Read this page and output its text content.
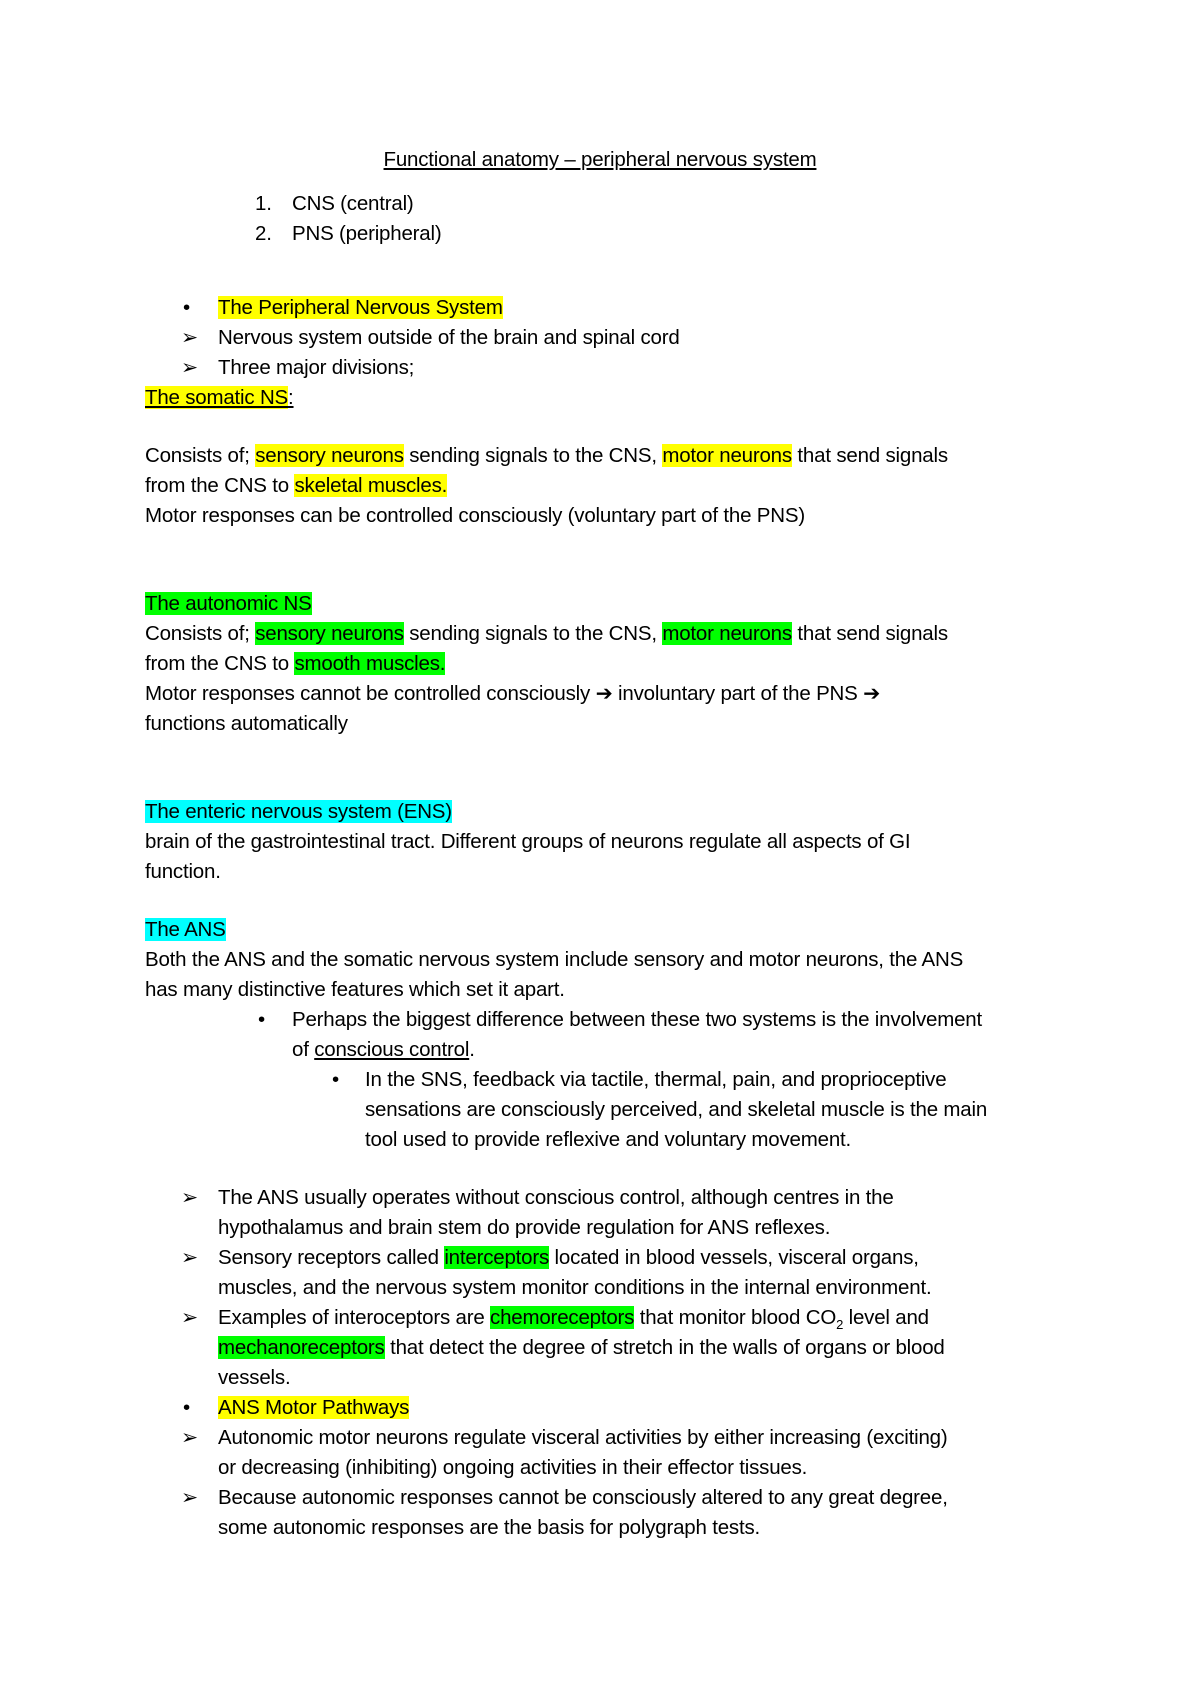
Functional anatomy – peripheral nervous system
1. CNS (central)
2. PNS (peripheral)
• The Peripheral Nervous System
➢ Nervous system outside of the brain and spinal cord
➢ Three major divisions;
The somatic NS:
Consists of; sensory neurons sending signals to the CNS, motor neurons that send signals
from the CNS to skeletal muscles.
Motor responses can be controlled consciously (voluntary part of the PNS)
The autonomic NS
Consists of; sensory neurons sending signals to the CNS, motor neurons that send signals
from the CNS to smooth muscles.
Motor responses cannot be controlled consciously ➔ involuntary part of the PNS ➔
functions automatically
The enteric nervous system (ENS)
brain of the gastrointestinal tract. Different groups of neurons regulate all aspects of GI
function.
The ANS
Both the ANS and the somatic nervous system include sensory and motor neurons, the ANS
has many distinctive features which set it apart.
• Perhaps the biggest difference between these two systems is the involvement
of conscious control.
• In the SNS, feedback via tactile, thermal, pain, and proprioceptive
sensations are consciously perceived, and skeletal muscle is the main
tool used to provide reflexive and voluntary movement.
➢ The ANS usually operates without conscious control, although centres in the
hypothalamus and brain stem do provide regulation for ANS reflexes.
➢ Sensory receptors called interceptors located in blood vessels, visceral organs,
muscles, and the nervous system monitor conditions in the internal environment.
➢ Examples of interoceptors are chemoreceptors that monitor blood $CO_2$ level and
mechanoreceptors that detect the degree of stretch in the walls of organs or blood
vessels.
• ANS Motor Pathways
➢ Autonomic motor neurons regulate visceral activities by either increasing (exciting)
or decreasing (inhibiting) ongoing activities in their effector tissues.
➢ Because autonomic responses cannot be consciously altered to any great degree,
some autonomic responses are the basis for polygraph tests.
